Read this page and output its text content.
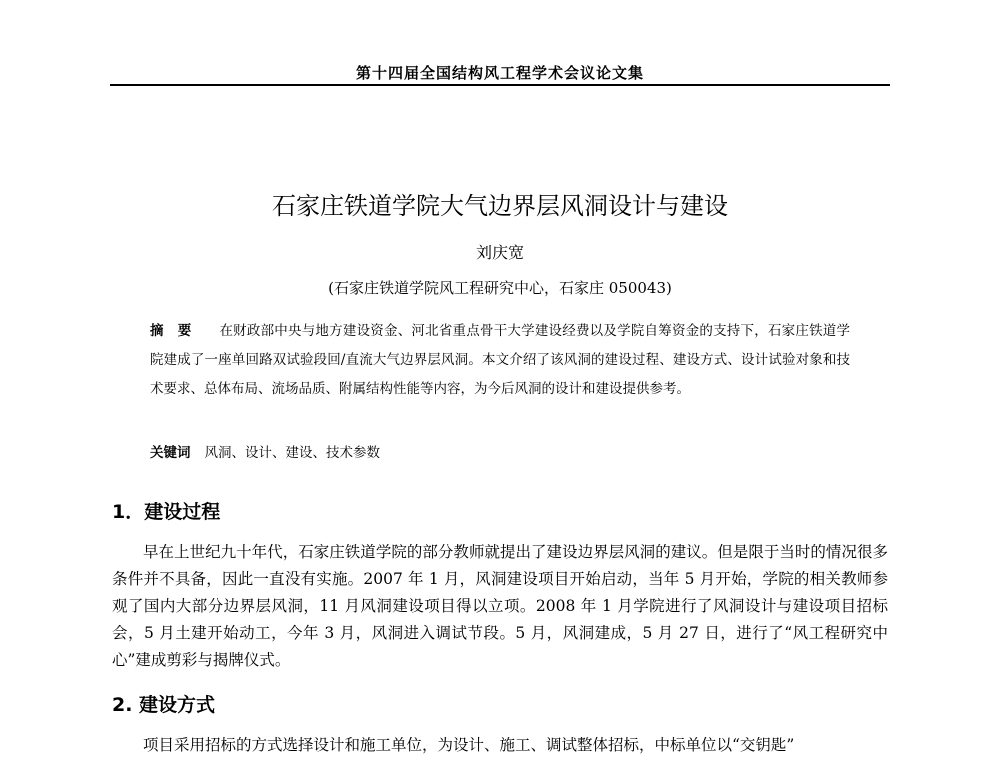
第十四届全国结构风工程学术会议论文集
石家庄铁道学院大气边界层风洞设计与建设
刘庆宽
(石家庄铁道学院风工程研究中心，石家庄 050043)
摘要 在财政部中央与地方建设资金、河北省重点骨干大学建设经费以及学院自筹资金的支持下，石家庄铁道学院建成了一座单回路双试验段回/直流大气边界层风洞。本文介绍了该风洞的建设过程、建设方式、设计试验对象和技术要求、总体布局、流场品质、附属结构性能等内容，为今后风洞的设计和建设提供参考。
关键词 风洞、设计、建设、技术参数
1．建设过程
早在上世纪九十年代，石家庄铁道学院的部分教师就提出了建设边界层风洞的建议。但是限于当时的情况很多条件并不具备，因此一直没有实施。2007 年 1 月，风洞建设项目开始启动，当年 5 月开始，学院的相关教师参观了国内大部分边界层风洞，11 月风洞建设项目得以立项。2008 年 1 月学院进行了风洞设计与建设项目招标会，5 月土建开始动工，今年 3 月，风洞进入调试节段。5 月，风洞建成，5 月 27 日，进行了“风工程研究中心”建成剪彩与揭牌仪式。
2. 建设方式
项目采用招标的方式选择设计和施工单位，为设计、施工、调试整体招标，中标单位以“交钥匙”
